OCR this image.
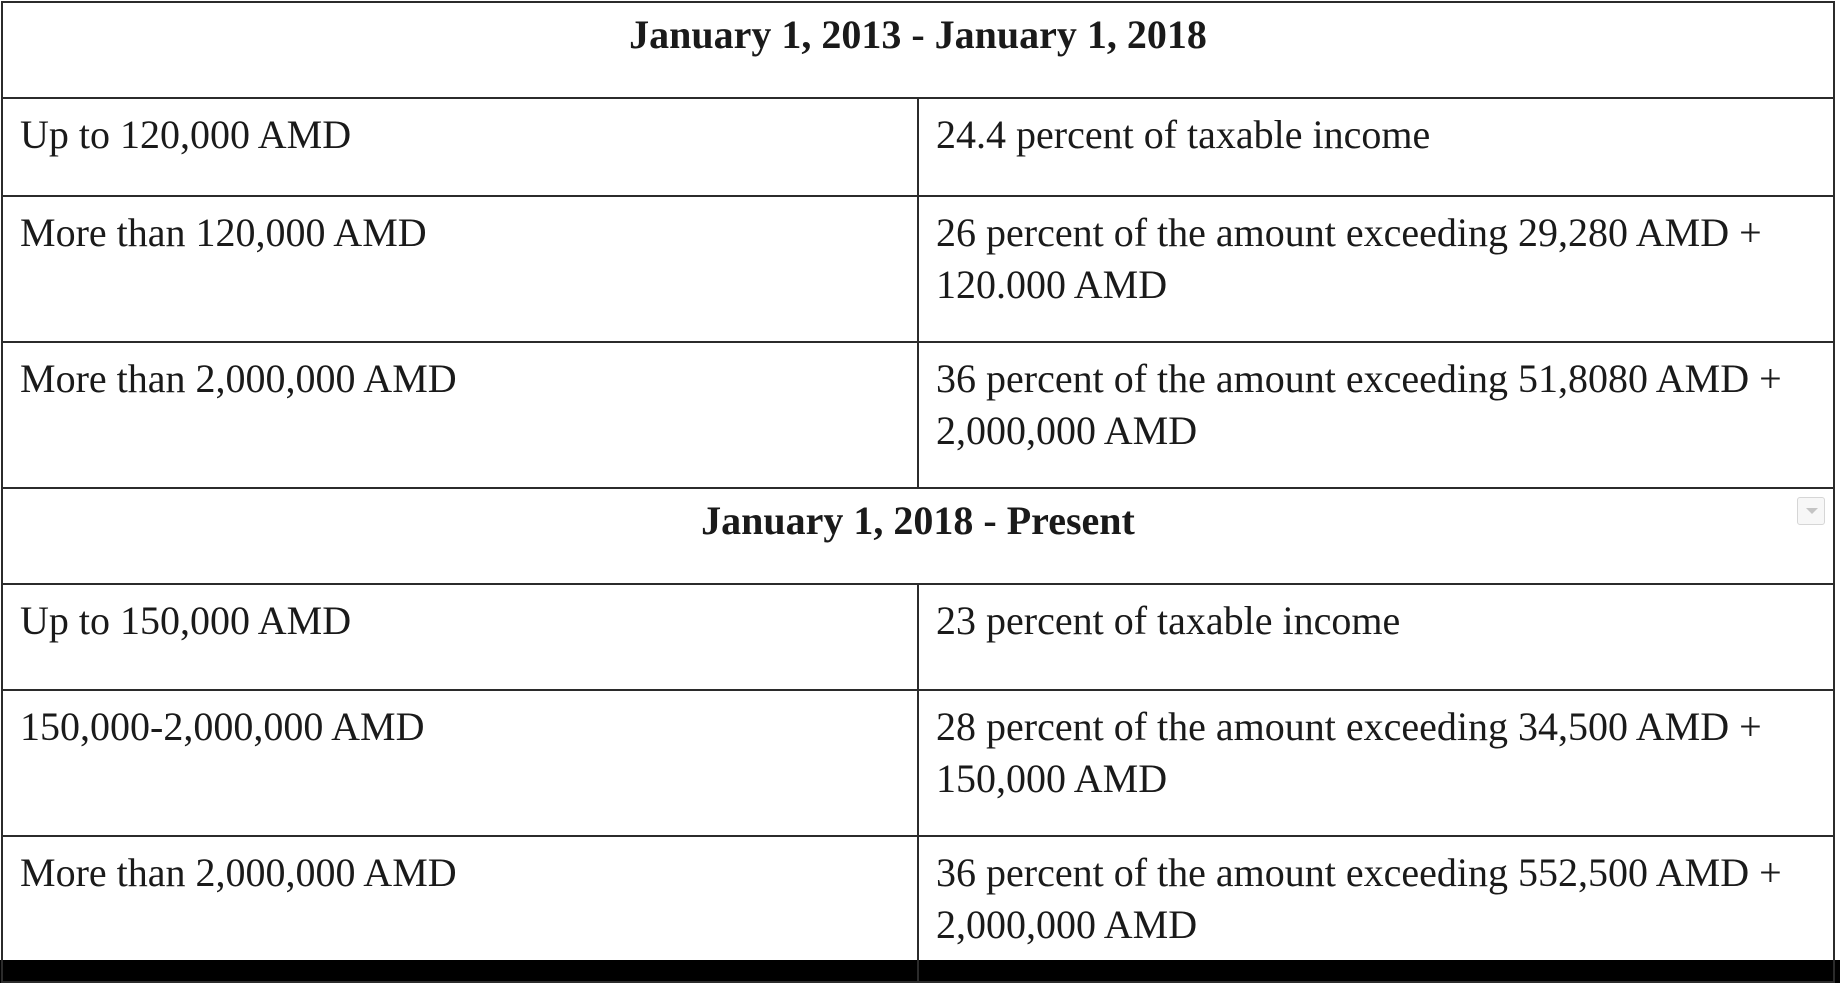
January 1, 2013 - January 1, 2018	
Up to 120,000 AMD	24.4 percent of taxable income
More than 120,000 AMD	26 percent of the amount exceeding 29,280 AMD + 120.000 AMD
More than 2,000,000 AMD	36 percent of the amount exceeding 51,8080 AMD + 2,000,000 AMD
January 1, 2018 - Present	

Up to 150,000 AMD	23 percent of taxable income
150,000-2,000,000 AMD	28 percent of the amount exceeding 34,500 AMD + 150,000 AMD
More than 2,000,000 AMD	36 percent of the amount exceeding 552,500 AMD + 2,000,000 AMD
